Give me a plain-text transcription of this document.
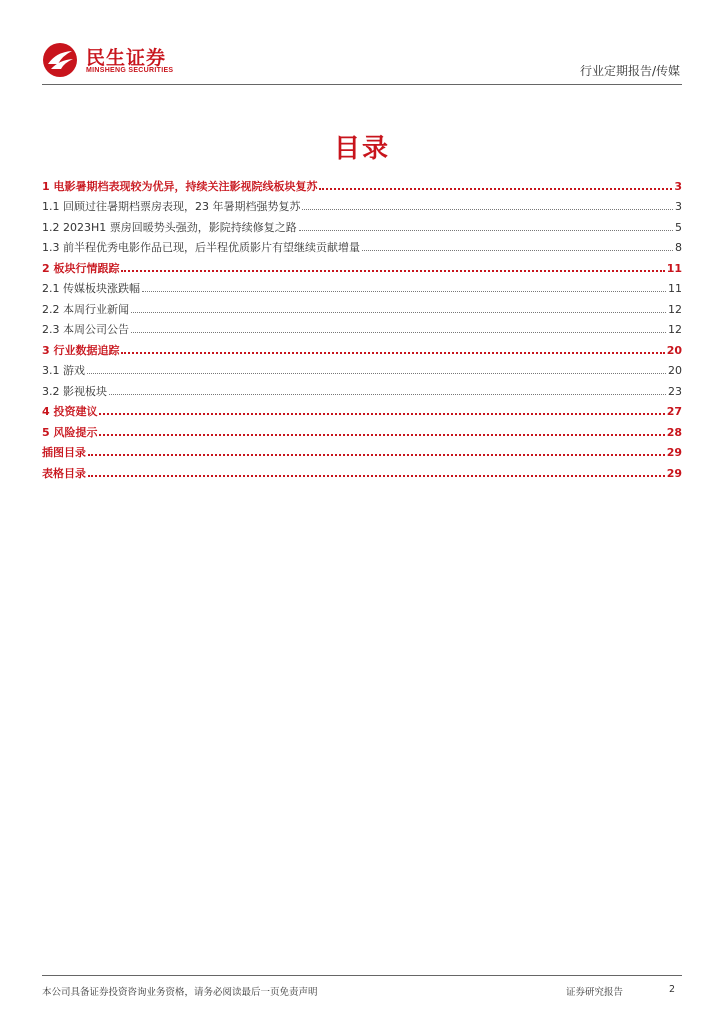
民生证券
MINSHENG SECURITIES	行业定期报告/传媒
目录
1 电影暑期档表现较为优异，持续关注影视院线板块复苏	3
1.1 回顾过往暑期档票房表现，23 年暑期档强势复苏	3
1.2 2023H1 票房回暖势头强劲，影院持续修复之路	5
1.3 前半程优秀电影作品已现，后半程优质影片有望继续贡献增量	8
2 板块行情跟踪	11
2.1 传媒板块涨跌幅	11
2.2 本周行业新闻	12
2.3 本周公司公告	12
3 行业数据追踪	20
3.1 游戏	20
3.2 影视板块	23
4 投资建议	27
5 风险提示	28
插图目录	29
表格目录	29
本公司具备证券投资咨询业务资格，请务必阅读最后一页免责声明	证券研究报告	2
